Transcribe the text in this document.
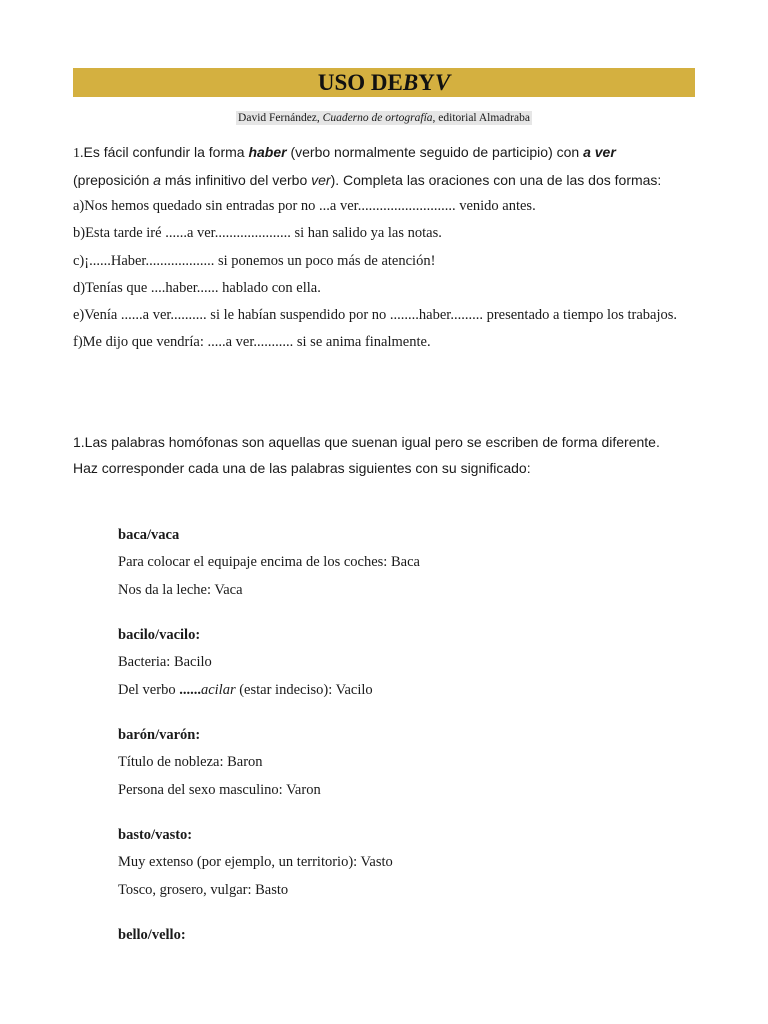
USO DE B Y V
David Fernández, Cuaderno de ortografía, editorial Almadraba

1.Es fácil confundir la forma haber (verbo normalmente seguido de participio) con a ver
(preposición a más infinitivo del verbo ver). Completa las oraciones con una de las dos formas:

a)Nos hemos quedado sin entradas por no ...a ver........................... venido antes.

b)Esta tarde iré ......a ver..................... si han salido ya las notas.

c)¡......Haber................... si ponemos un poco más de atención!

d)Tenías que ....haber...... hablado con ella.

e)Venía ......a ver.......... si le habían suspendido por no ........haber......... presentado a tiempo los trabajos.

f)Me dijo que vendría: .....a ver........... si se anima finalmente.

1.Las palabras homófonas son aquellas que suenan igual pero se escriben de forma diferente.

Haz corresponder cada una de las palabras siguientes con su significado:

baca/vaca
Para colocar el equipaje encima de los coches: Baca
Nos da la leche: Vaca
bacilo/vacilo:
Bacteria: Bacilo
Del verbo ......acilar (estar indeciso): Vacilo
barón/varón:
Título de nobleza: Baron
Persona del sexo masculino: Varon
basto/vasto:
Muy extenso (por ejemplo, un territorio): Vasto
Tosco, grosero, vulgar: Basto
bello/vello:
